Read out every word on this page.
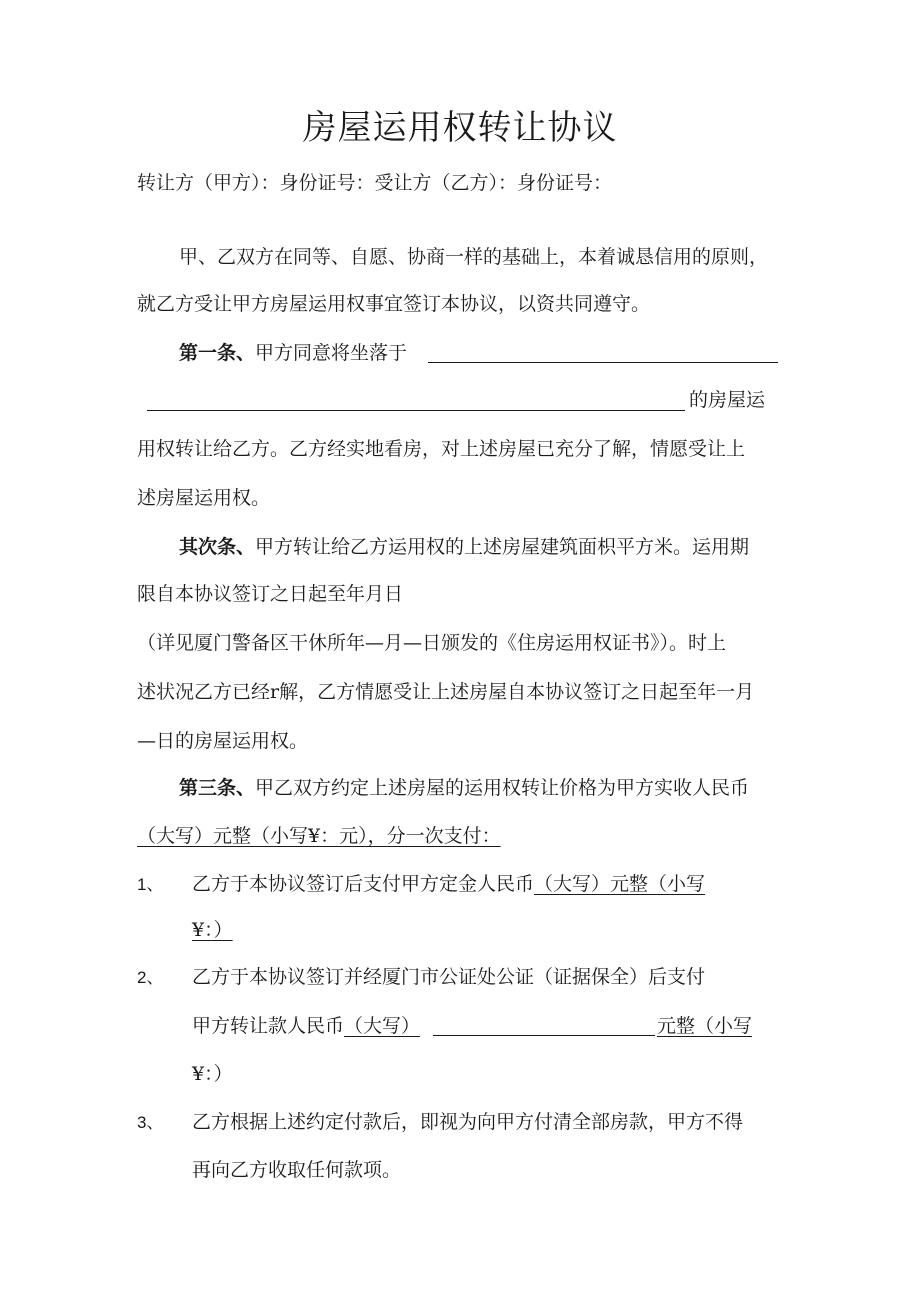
房屋运用权转让协议
转让方（甲方）：身份证号：受让方（乙方）：身份证号：
甲、乙双方在同等、自愿、协商一样的基础上，本着诚恳信用的原则，
就乙方受让甲方房屋运用权事宜签订本协议，以资共同遵守。
第一条、甲方同意将坐落于
的房屋运
用权转让给乙方。乙方经实地看房，对上述房屋已充分了解，情愿受让上
述房屋运用权。
其次条、甲方转让给乙方运用权的上述房屋建筑面枳平方米。运用期
限自本协议签订之日起至年月日
（详见厦门警备区干休所年—月—日颁发的《住房运用权证书》）。时上
述状况乙方已经r解，乙方情愿受让上述房屋自本协议签订之日起至年一月
—日的房屋运用权。
第三条、甲乙双方约定上述房屋的运用权转让价格为甲方实收人民币
（大写）元整（小写¥：元），分一次支付：
1、 乙方于本协议签订后支付甲方定金人民币（大写）元整（小写
¥：）
2、 乙方于本协议签订并经厦门市公证处公证（证据保全）后支付
甲方转让款人民币（大写）	元整（小写
¥：）
3、 乙方根据上述约定付款后，即视为向甲方付清全部房款，甲方不得
再向乙方收取任何款项。
